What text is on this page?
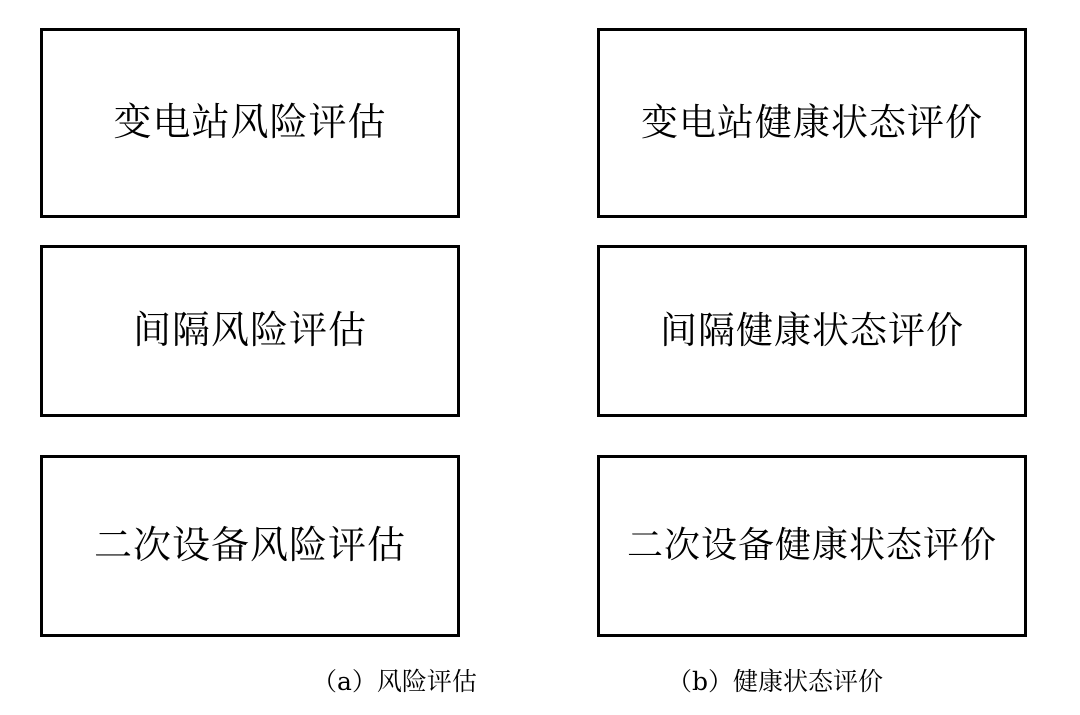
变电站风险评估
间隔风险评估
二次设备风险评估
变电站健康状态评价
间隔健康状态评价
二次设备健康状态评价
（a）风险评估	（b）健康状态评价
